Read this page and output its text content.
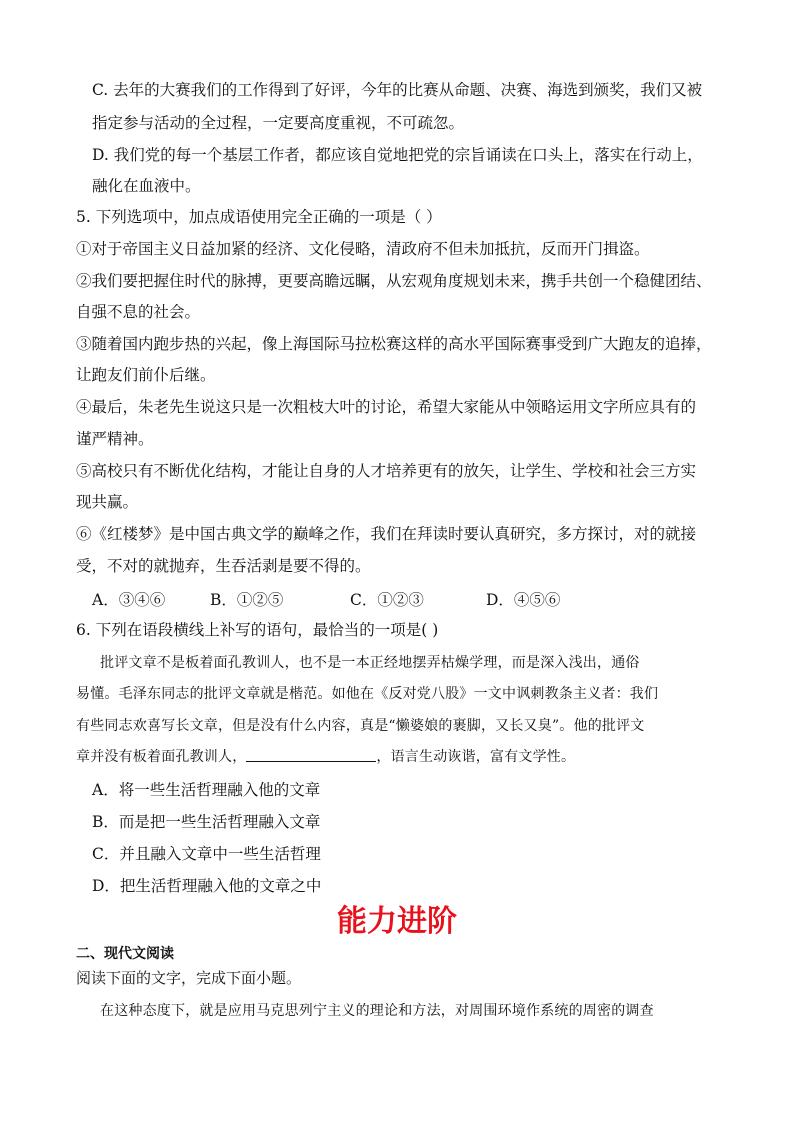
C. 去年的大赛我们的工作得到了好评，今年的比赛从命题、决赛、海选到颁奖，我们又被
指定参与活动的全过程，一定要高度重视，不可疏忽。
D. 我们党的每一个基层工作者，都应该自觉地把党的宗旨诵读在口头上，落实在行动上，
融化在血液中。
5. 下列选项中，加点成语使用完全正确的一项是（ ）
①对于帝国主义日益加紧的经济、文化侵略，清政府不但未加抵抗，反而开门揖盗。
②我们要把握住时代的脉搏，更要高瞻远瞩，从宏观角度规划未来，携手共创一个稳健团结、
自强不息的社会。
③随着国内跑步热的兴起，像上海国际马拉松赛这样的高水平国际赛事受到广大跑友的追捧，
让跑友们前仆后继。
④最后，朱老先生说这只是一次粗枝大叶的讨论，希望大家能从中领略运用文字所应具有的
谨严精神。
⑤高校只有不断优化结构，才能让自身的人才培养更有的放矢，让学生、学校和社会三方实
现共赢。
⑥《红楼梦》是中国古典文学的巅峰之作，我们在拜读时要认真研究，多方探讨，对的就接
受，不对的就抛弃，生吞活剥是要不得的。
A．③④⑥	B．①②⑤	C．①②③	D．④⑤⑥
6. 下列在语段横线上补写的语句，最恰当的一项是( )
批评文章不是板着面孔教训人，也不是一本正经地摆弄枯燥学理，而是深入浅出，通俗
易懂。毛泽东同志的批评文章就是楷范。如他在《反对党八股》一文中讽刺教条主义者：我们
有些同志欢喜写长文章，但是没有什么内容，真是“懒婆娘的裹脚，又长又臭”。他的批评文
章并没有板着面孔教训人，	，语言生动诙谐，富有文学性。
A．将一些生活哲理融入他的文章
B．而是把一些生活哲理融入文章
C．并且融入文章中一些生活哲理
D．把生活哲理融入他的文章之中
能力进阶
二、现代文阅读
阅读下面的文字，完成下面小题。
在这种态度下，就是应用马克思列宁主义的理论和方法，对周围环境作系统的周密的调查
